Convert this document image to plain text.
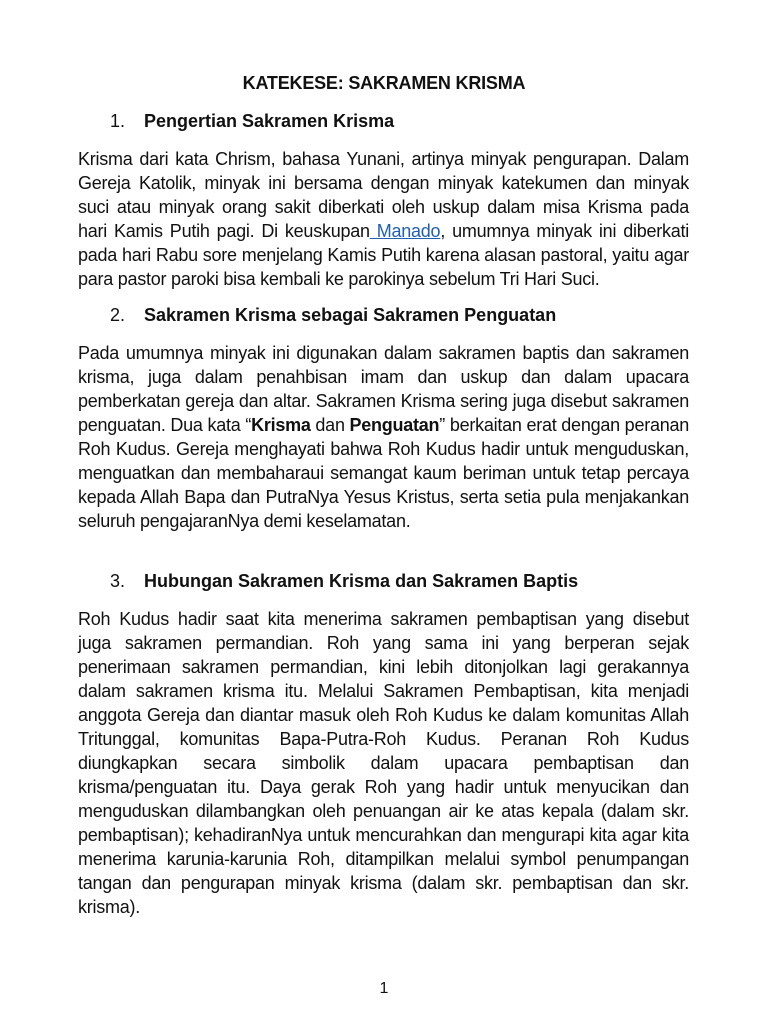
KATEKESE: SAKRAMEN KRISMA
1. Pengertian Sakramen Krisma

Krisma dari kata Chrism, bahasa Yunani, artinya minyak pengurapan. Dalam Gereja Katolik, minyak ini bersama dengan minyak katekumen dan minyak suci atau minyak orang sakit diberkati oleh uskup dalam misa Krisma pada hari Kamis Putih pagi. Di keuskupan Manado, umumnya minyak ini diberkati pada hari Rabu sore menjelang Kamis Putih karena alasan pastoral, yaitu agar para pastor paroki bisa kembali ke parokinya sebelum Tri Hari Suci.

2. Sakramen Krisma sebagai Sakramen Penguatan

Pada umumnya minyak ini digunakan dalam sakramen baptis dan sakramen krisma, juga dalam penahbisan imam dan uskup dan dalam upacara pemberkatan gereja dan altar. Sakramen Krisma sering juga disebut sakramen penguatan. Dua kata “Krisma dan Penguatan” berkaitan erat dengan peranan Roh Kudus. Gereja menghayati bahwa Roh Kudus hadir untuk menguduskan, menguatkan dan membaharaui semangat kaum beriman untuk tetap percaya kepada Allah Bapa dan PutraNya Yesus Kristus, serta setia pula menjakankan seluruh pengajaranNya demi keselamatan.

3. Hubungan Sakramen Krisma dan Sakramen Baptis

Roh Kudus hadir saat kita menerima sakramen pembaptisan yang disebut juga sakramen permandian. Roh yang sama ini yang berperan sejak penerimaan sakramen permandian, kini lebih ditonjolkan lagi gerakannya dalam sakramen krisma itu. Melalui Sakramen Pembaptisan, kita menjadi anggota Gereja dan diantar masuk oleh Roh Kudus ke dalam komunitas Allah Tritunggal, komunitas Bapa-Putra-Roh Kudus. Peranan Roh Kudus diungkapkan secara simbolik dalam upacara pembaptisan dan krisma/penguatan itu. Daya gerak Roh yang hadir untuk menyucikan dan menguduskan dilambangkan oleh penuangan air ke atas kepala (dalam skr. pembaptisan); kehadiranNya untuk mencurahkan dan mengurapi kita agar kita menerima karunia-karunia Roh, ditampilkan melalui symbol penumpangan tangan dan pengurapan minyak krisma (dalam skr. pembaptisan dan skr. krisma).

1
